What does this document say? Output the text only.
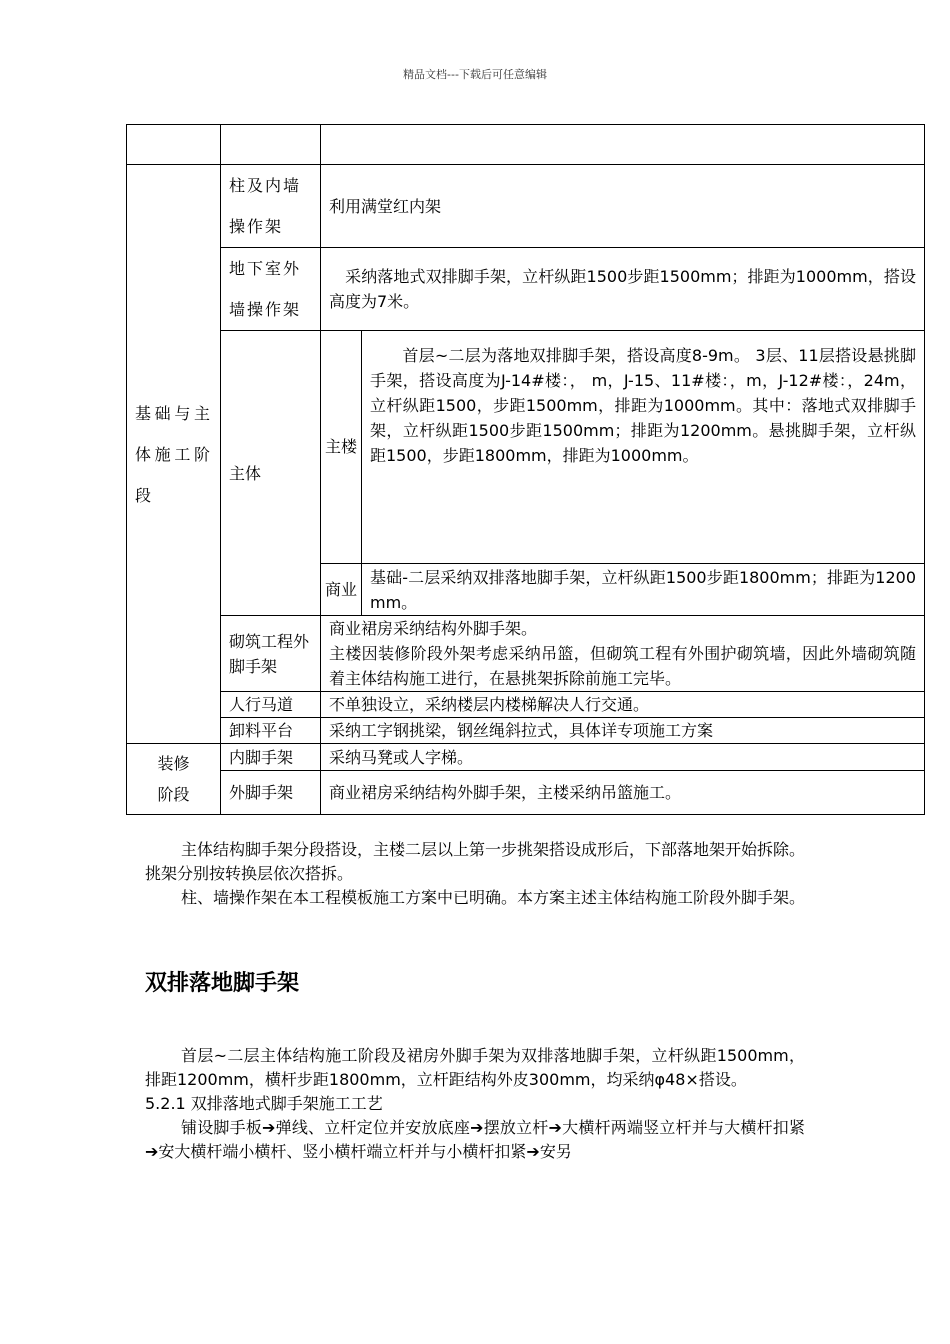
精品文档---下载后可任意编辑

基础与主体施工阶段	柱及内墙操作架	利用满堂红内架	
	地下室外墙操作架	　采纳落地式双排脚手架，立杆纵距1500步距1500mm；排距为1000mm，搭设高度为7米。	
	主体	主楼	　　首层~二层为落地双排脚手架，搭设高度8-9m。 3层、11层搭设悬挑脚手架，搭设高度为J-14#楼：， m，J-15、11#楼：，m，J-12#楼：，24m，立杆纵距1500，步距1500mm，排距为1000mm。其中：落地式双排脚手架，立杆纵距1500步距1500mm；排距为1200mm。悬挑脚手架，立杆纵距1500，步距1800mm，排距为1000mm。
		商业	基础-二层采纳双排落地脚手架，立杆纵距1500步距1800mm；排距为1200mm。
	砌筑工程外脚手架	商业裙房采纳结构外脚手架。
主楼因装修阶段外架考虑采纳吊篮，但砌筑工程有外围护砌筑墙，因此外墙砌筑随着主体结构施工进行，在悬挑架拆除前施工完毕。	

	人行马道	不单独设立，采纳楼层内楼梯解决人行交通。	
	卸料平台	采纳工字钢挑梁，钢丝绳斜拉式，具体详专项施工方案	

装修阶段	内脚手架	采纳马凳或人字梯。	
	外脚手架	商业裙房采纳结构外脚手架，主楼采纳吊篮施工。	

主体结构脚手架分段搭设，主楼二层以上第一步挑架搭设成形后，下部落地架开始拆除。挑架分别按转换层依次搭拆。

柱、墙操作架在本工程模板施工方案中已明确。本方案主述主体结构施工阶段外脚手架。

双排落地脚手架

首层~二层主体结构施工阶段及裙房外脚手架为双排落地脚手架，立杆纵距1500mm，排距1200mm，横杆步距1800mm，立杆距结构外皮300mm，均采纳φ48×搭设。

5.2.1 双排落地式脚手架施工工艺

铺设脚手板➔弹线、立杆定位并安放底座➔摆放立杆➔大横杆两端竖立杆并与大横杆扣紧➔安大横杆端小横杆、竖小横杆端立杆并与小横杆扣紧➔安另
